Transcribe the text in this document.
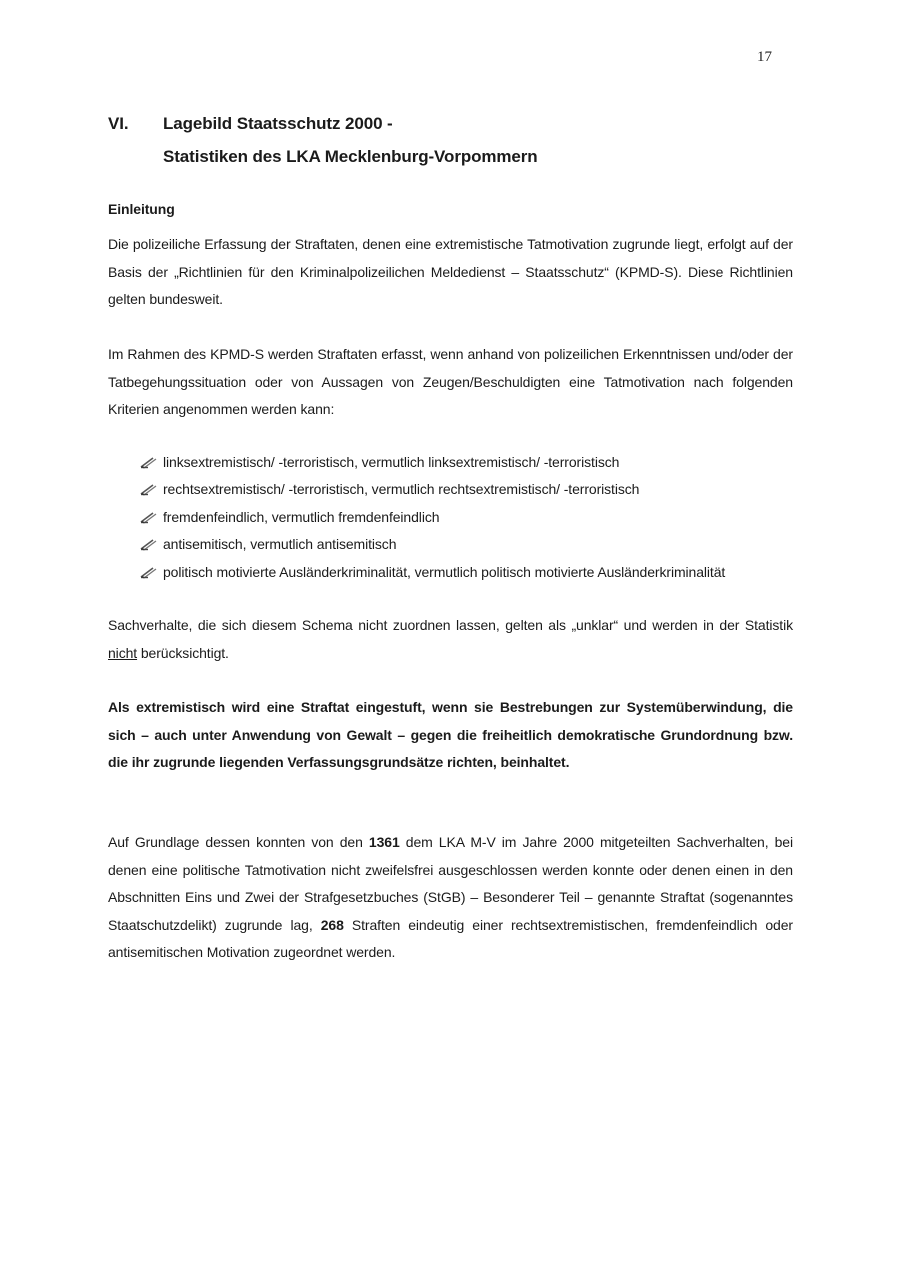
17
VI.	Lagebild Staatsschutz 2000 -
Statistiken des LKA Mecklenburg-Vorpommern
Einleitung

Die polizeiliche Erfassung der Straftaten, denen eine extremistische Tatmotivation zugrunde liegt, erfolgt auf der Basis der „Richtlinien für den Kriminalpolizeilichen Meldedienst – Staatsschutz“ (KPMD-S). Diese Richtlinien gelten bundesweit.

Im Rahmen des KPMD-S werden Straftaten erfasst, wenn anhand von polizeilichen Erkenntnissen und/oder der Tatbegehungssituation oder von Aussagen von Zeugen/Beschuldigten eine Tatmotivation nach folgenden Kriterien angenommen werden kann:

linksextremistisch/ -terroristisch, vermutlich linksextremistisch/ -terroristisch
rechtsextremistisch/ -terroristisch, vermutlich rechtsextremistisch/ -terroristisch
fremdenfeindlich, vermutlich fremdenfeindlich
antisemitisch, vermutlich antisemitisch
politisch motivierte Ausländerkriminalität, vermutlich politisch motivierte Ausländerkriminalität

Sachverhalte, die sich diesem Schema nicht zuordnen lassen, gelten als „unklar“ und werden in der Statistik nicht berücksichtigt.

Als extremistisch wird eine Straftat eingestuft, wenn sie Bestrebungen zur Systemüberwindung, die sich – auch unter Anwendung von Gewalt – gegen die freiheitlich demokratische Grundordnung bzw. die ihr zugrunde liegenden Verfassungsgrundsätze richten, beinhaltet.

Auf Grundlage dessen konnten von den 1361 dem LKA M-V im Jahre 2000 mitgeteilten Sachverhalten, bei denen eine politische Tatmotivation nicht zweifelsfrei ausgeschlossen werden konnte oder denen einen in den Abschnitten Eins und Zwei der Strafgesetzbuches (StGB) – Besonderer Teil – genannte Straftat (sogenanntes Staatschutzdelikt) zugrunde lag, 268 Straften eindeutig einer rechtsextremistischen, fremdenfeindlich oder antisemitischen Motivation zugeordnet werden.
